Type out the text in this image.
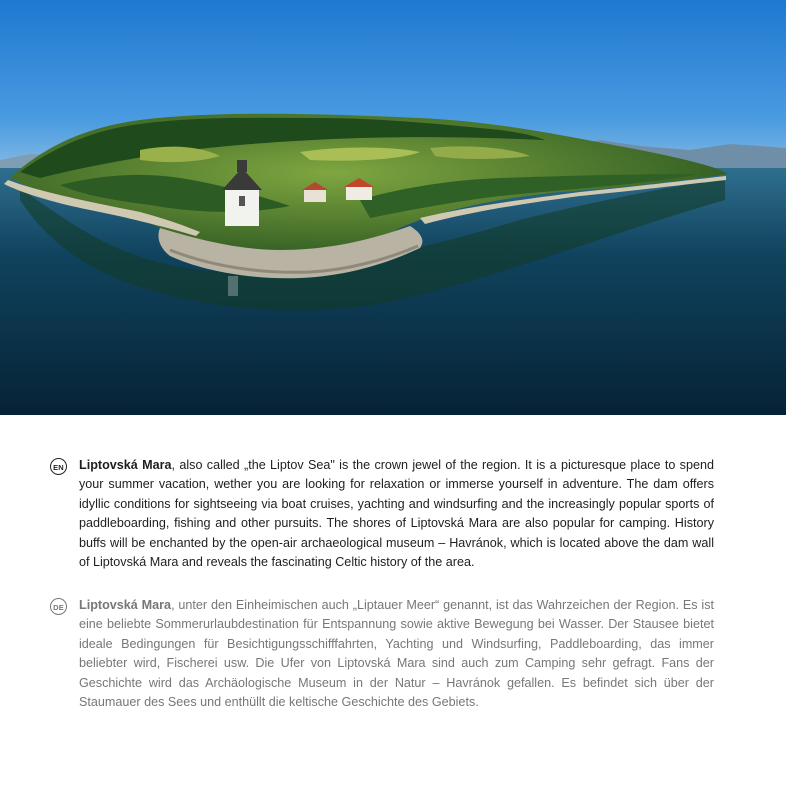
EN Liptovská Mara, also called „the Liptov Sea" is the crown jewel of the region. It is a picturesque place to spend your summer vacation, wether you are looking for relaxation or immerse yourself in adventure. The dam offers idyllic conditions for sightseeing via boat cruises, yachting and windsurfing and the increasingly popular sports of paddleboarding, fishing and other pursuits. The shores of Liptovská Mara are also popular for camping. History buffs will be enchanted by the open-air archaeological museum – Havránok, which is located above the dam wall of Liptovská Mara and reveals the fascinating Celtic history of the area.

DE Liptovská Mara, unter den Einheimischen auch „Liptauer Meer“ genannt, ist das Wahrzeichen der Region. Es ist eine beliebte Sommerurlaubdestination für Entspannung sowie aktive Bewegung bei Wasser. Der Stausee bietet ideale Bedingungen für Besichtigungsschifffahrten, Yachting und Windsurfing, Paddleboarding, das immer beliebter wird, Fischerei usw. Die Ufer von Liptovská Mara sind auch zum Camping sehr gefragt. Fans der Geschichte wird das Archäologische Museum in der Natur – Havránok gefallen. Es befindet sich über der Staumauer des Sees und enthüllt die keltische Geschichte des Gebiets.
